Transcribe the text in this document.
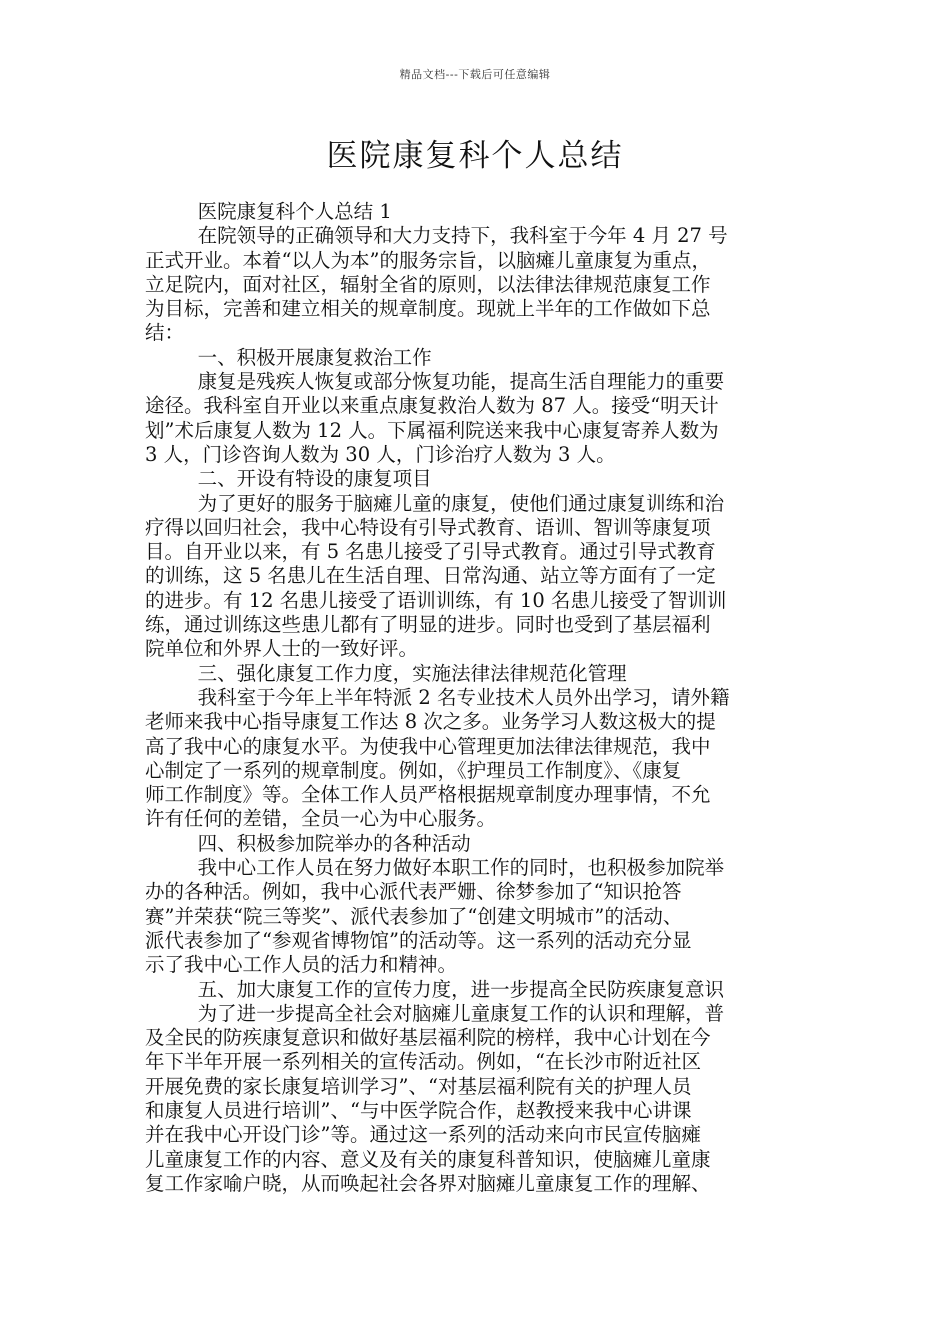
精品文档---下载后可任意编辑
医院康复科个人总结

医院康复科个人总结 1

在院领导的正确领导和大力支持下，我科室于今年 4 月 27 号

正式开业。本着“以人为本”的服务宗旨，以脑瘫儿童康复为重点，

立足院内，面对社区，辐射全省的原则，以法律法律规范康复工作

为目标，完善和建立相关的规章制度。现就上半年的工作做如下总

结：

一、积极开展康复救治工作

康复是残疾人恢复或部分恢复功能，提高生活自理能力的重要

途径。我科室自开业以来重点康复救治人数为 87 人。接受“明天计

划”术后康复人数为 12 人。下属福利院送来我中心康复寄养人数为

3 人，门诊咨询人数为 30 人，门诊治疗人数为 3 人。

二、开设有特设的康复项目

为了更好的服务于脑瘫儿童的康复，使他们通过康复训练和治

疗得以回归社会，我中心特设有引导式教育、语训、智训等康复项

目。自开业以来，有 5 名患儿接受了引导式教育。通过引导式教育

的训练，这 5 名患儿在生活自理、日常沟通、站立等方面有了一定

的进步。有 12 名患儿接受了语训训练，有 10 名患儿接受了智训训

练，通过训练这些患儿都有了明显的进步。同时也受到了基层福利

院单位和外界人士的一致好评。

三、强化康复工作力度，实施法律法律规范化管理

我科室于今年上半年特派 2 名专业技术人员外出学习，请外籍

老师来我中心指导康复工作达 8 次之多。业务学习人数这极大的提

高了我中心的康复水平。为使我中心管理更加法律法律规范，我中

心制定了一系列的规章制度。例如，《护理员工作制度》、《康复

师工作制度》等。全体工作人员严格根据规章制度办理事情，不允

许有任何的差错，全员一心为中心服务。

四、积极参加院举办的各种活动

我中心工作人员在努力做好本职工作的同时，也积极参加院举

办的各种活。例如，我中心派代表严姗、徐梦参加了“知识抢答

赛”并荣获“院三等奖”、派代表参加了“创建文明城市”的活动、

派代表参加了“参观省博物馆”的活动等。这一系列的活动充分显

示了我中心工作人员的活力和精神。

五、加大康复工作的宣传力度，进一步提高全民防疾康复意识

为了进一步提高全社会对脑瘫儿童康复工作的认识和理解，普

及全民的防疾康复意识和做好基层福利院的榜样，我中心计划在今

年下半年开展一系列相关的宣传活动。例如，“在长沙市附近社区

开展免费的家长康复培训学习”、“对基层福利院有关的护理人员

和康复人员进行培训”、“与中医学院合作，赵教授来我中心讲课

并在我中心开设门诊”等。通过这一系列的活动来向市民宣传脑瘫

儿童康复工作的内容、意义及有关的康复科普知识，使脑瘫儿童康

复工作家喻户晓，从而唤起社会各界对脑瘫儿童康复工作的理解、
